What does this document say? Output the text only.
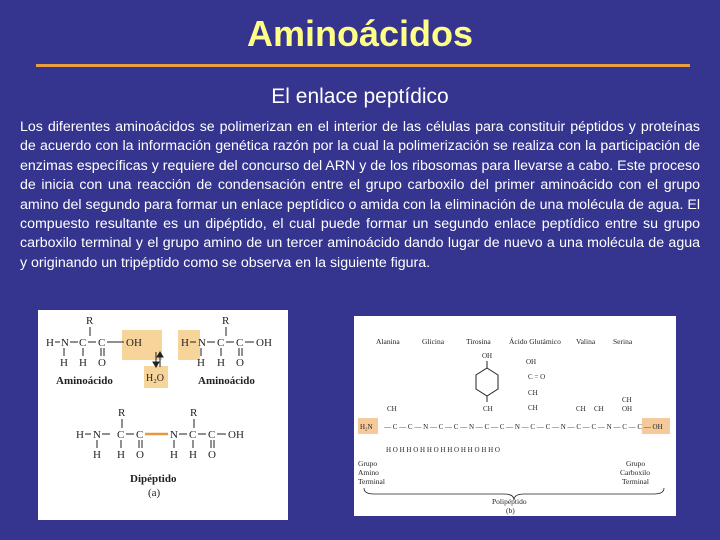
Aminoácidos
El enlace peptídico
Los diferentes aminoácidos se polimerizan en el interior de las células para constituir péptidos y proteínas de acuerdo con la información genética razón por la cual la polimerización se realiza con la participación de enzimas específicas y requiere del concurso del ARN y de los ribosomas para llevarse a cabo. Este proceso de inicia con una reacción de condensación entre el grupo carboxilo del primer aminoácido con el grupo amino del segundo para formar un enlace peptídico o amida con la eliminación de una molécula de agua. El compuesto resultante es un dipéptido, el cual puede formar un segundo enlace peptídico entre su grupo carboxilo terminal y el grupo amino de un tercer aminoácido dando lugar de nuevo a una molécula de agua y originando un tripéptido como se observa en la siguiente figura.
R
H N C C OH
H H O
R
H N C C OH
H H O
H₂O
Aminoácido	Aminoácido
R	R
H N C C N C C OH
H H O H H O
Dipéptido
(a)
Alanina	Glicina	Tirosina Ácido Glutámico Valina Serina
OH
OH
C = O
CH
CH
CH	CH	CH CH	OH
CH
H₂N — C — C — N — C — C — N — C — C — N — C — C — N — C — C — N — C — C — OH
H O H H O H H O H H O H H O H H O
Grupo
Amino
Terminal
Grupo
Carboxilo
Terminal
Polipéptido
(b)
